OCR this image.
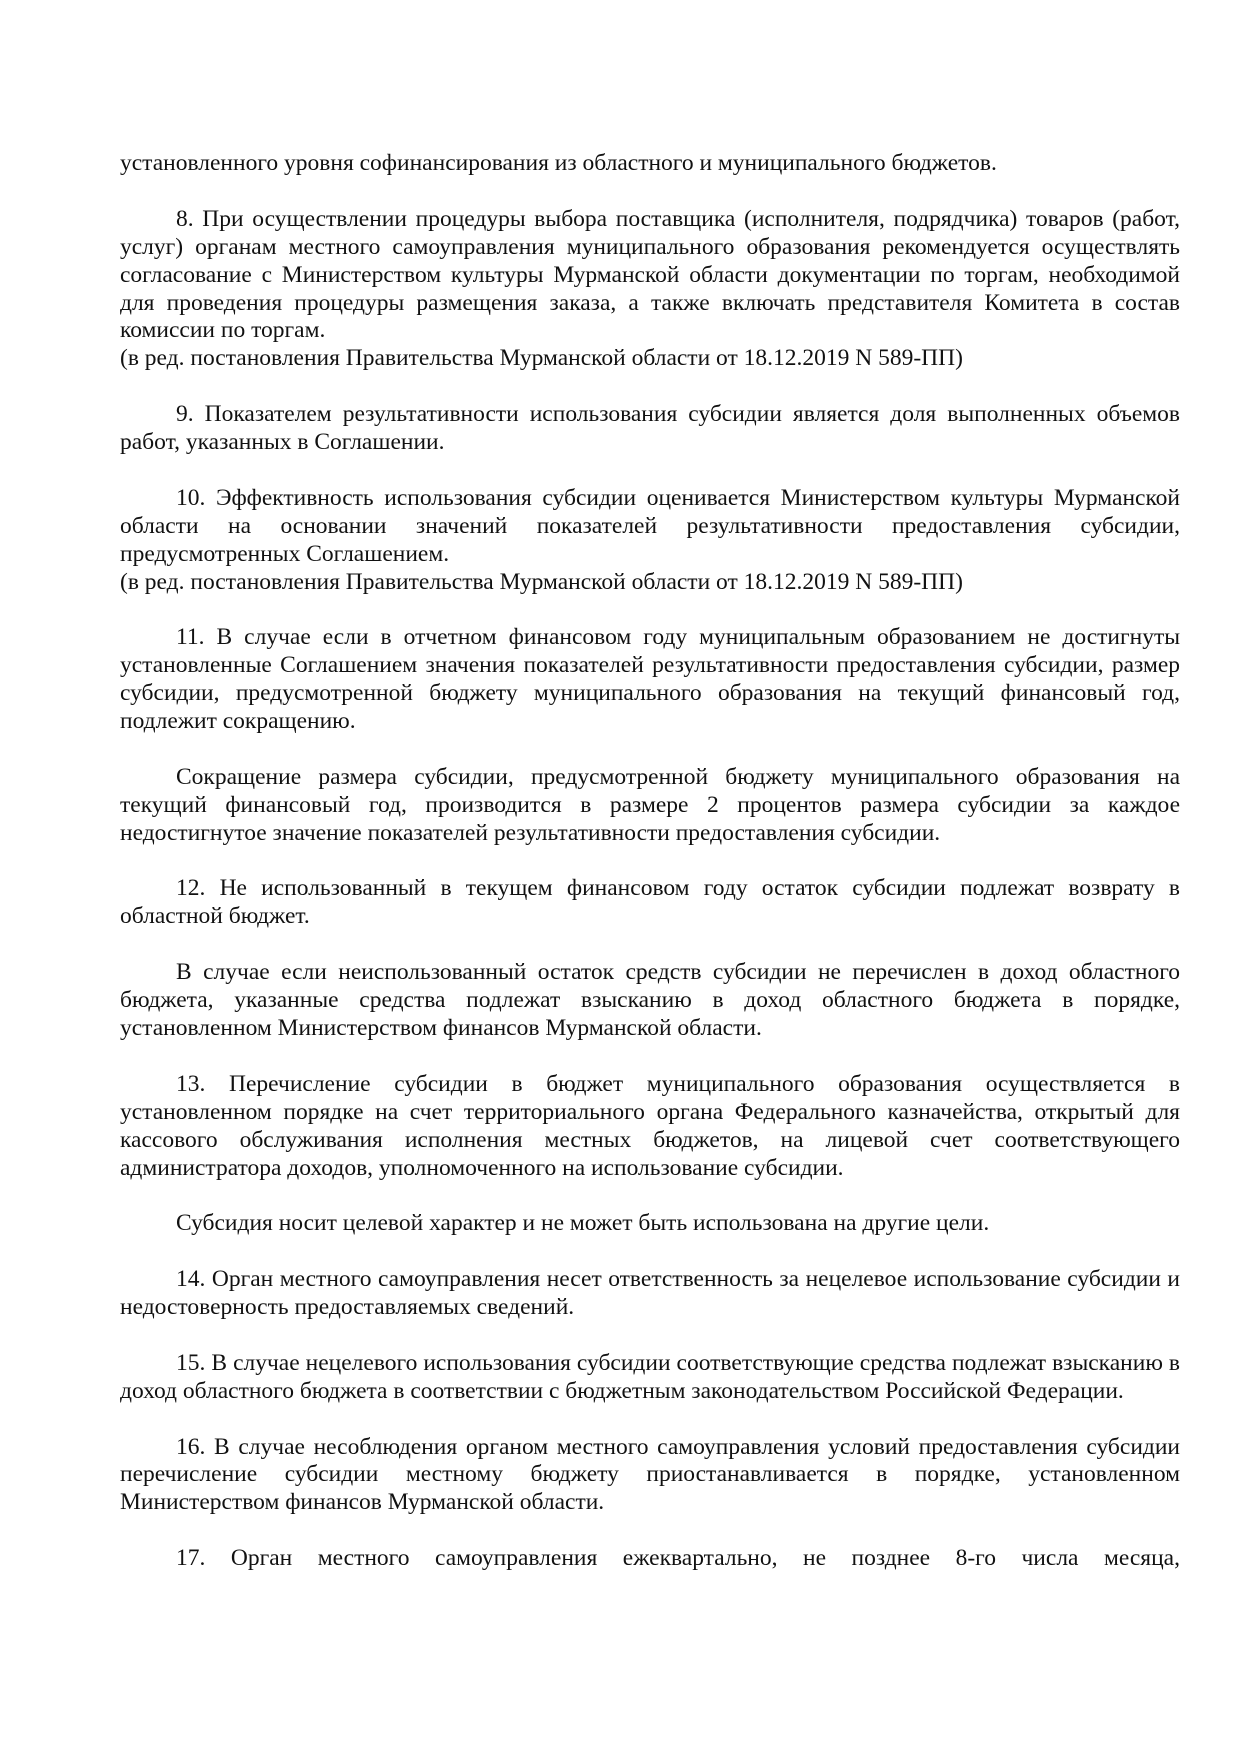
установленного уровня софинансирования из областного и муниципального бюджетов.

8. При осуществлении процедуры выбора поставщика (исполнителя, подрядчика) товаров (работ, услуг) органам местного самоуправления муниципального образования рекомендуется осуществлять согласование с Министерством культуры Мурманской области документации по торгам, необходимой для проведения процедуры размещения заказа, а также включать представителя Комитета в состав комиссии по торгам.

(в ред. постановления Правительства Мурманской области от 18.12.2019 N 589-ПП)

9. Показателем результативности использования субсидии является доля выполненных объемов работ, указанных в Соглашении.

10. Эффективность использования субсидии оценивается Министерством культуры Мурманской области на основании значений показателей результативности предоставления субсидии, предусмотренных Соглашением.

(в ред. постановления Правительства Мурманской области от 18.12.2019 N 589-ПП)

11. В случае если в отчетном финансовом году муниципальным образованием не достигнуты установленные Соглашением значения показателей результативности предоставления субсидии, размер субсидии, предусмотренной бюджету муниципального образования на текущий финансовый год, подлежит сокращению.

Сокращение размера субсидии, предусмотренной бюджету муниципального образования на текущий финансовый год, производится в размере 2 процентов размера субсидии за каждое недостигнутое значение показателей результативности предоставления субсидии.

12. Не использованный в текущем финансовом году остаток субсидии подлежат возврату в областной бюджет.

В случае если неиспользованный остаток средств субсидии не перечислен в доход областного бюджета, указанные средства подлежат взысканию в доход областного бюджета в порядке, установленном Министерством финансов Мурманской области.

13. Перечисление субсидии в бюджет муниципального образования осуществляется в установленном порядке на счет территориального органа Федерального казначейства, открытый для кассового обслуживания исполнения местных бюджетов, на лицевой счет соответствующего администратора доходов, уполномоченного на использование субсидии.

Субсидия носит целевой характер и не может быть использована на другие цели.

14. Орган местного самоуправления несет ответственность за нецелевое использование субсидии и недостоверность предоставляемых сведений.

15. В случае нецелевого использования субсидии соответствующие средства подлежат взысканию в доход областного бюджета в соответствии с бюджетным законодательством Российской Федерации.

16. В случае несоблюдения органом местного самоуправления условий предоставления субсидии перечисление субсидии местному бюджету приостанавливается в порядке, установленном Министерством финансов Мурманской области.

17. Орган местного самоуправления ежеквартально, не позднее 8-го числа месяца,
